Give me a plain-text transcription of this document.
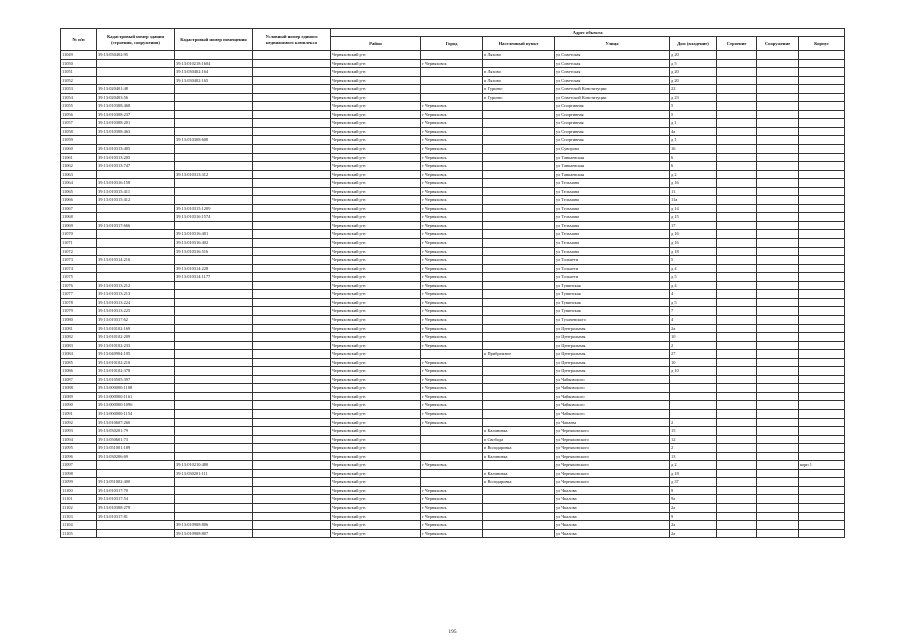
№ п/п	Кадастровый номер здания (строения, сооружения)	Кадастровый номер помещения	Условный номер единого недвижимого комплекса	Адрес объекта							
				Район	Город	Населенный пункт	Улица	Дом (владение)	Строение	Сооружение	Корпус
11049	39:13:030402:95			Черняховский р-н		п Ляхово	ул Советская	д 20			
11050		39:13:010218:1604		Черняховский р-н	г Черняховск		ул Советская	д 5			
11051		39:13:030402:164		Черняховский р-н		п Ляхово	ул Советская	д 20			
11052		39:13:030402:165		Черняховский р-н		п Ляхово	ул Советская	д 20			
11053	39:13:020401:48			Черняховский р-н		п Гурьево	ул Советской Конституции	22			
11054	39:13:020403:56			Черняховский р-н		п Гурьево	ул Советской Конституции	д 23			
11055	39:13:010308:468			Черняховский р-н	г Черняховск		ул Спортивная	5			
11056	39:13:010308:237			Черняховский р-н	г Черняховск		ул Спортивная	5			
11057	39:13:010308:201			Черняховский р-н	г Черняховск		ул Спортивная	д 1			
11058	39:13:010308:463			Черняховский р-н	г Черняховск		ул Спортивная	4а			
11059		39:13:010308:600		Черняховский р-н	г Черняховск		ул Спортивная	д 1			
11060	39:13:010313:405			Черняховский р-н	г Черняховск		ул Суворова	16			
11061	39:13:010313:205			Черняховский р-н	г Черняховск		ул Танкаевская	6			
11062	39:13:010313:747			Черняховский р-н	г Черняховск		ул Танкаевская	6			
11063		39:13:010313:312		Черняховский р-н	г Черняховск		ул Танкаевская	д 2			
11064	39:13:010316:158			Черняховский р-н	г Черняховск		ул Тельмана	д 16			
11065	39:13:010315:411			Черняховский р-н	г Черняховск		ул Тельмана	11			
11066	39:13:010315:412			Черняховский р-н	г Черняховск		ул Тельмана	11а			
11067		39:13:010315:1209		Черняховский р-н	г Черняховск		ул Тельмана	д 14			
11068		39:13:010316:1574		Черняховский р-н	г Черняховск		ул Тельмана	д 15			
11069	39:13:010317:666			Черняховский р-н	г Черняховск		ул Тельмана	17			
11070		39:13:010316:401		Черняховский р-н	г Черняховск		ул Тельмана	д 16			
11071		39:13:010316:402		Черняховский р-н	г Черняховск		ул Тельмана	д 16			
11072		39:13:010316:516		Черняховский р-н	г Черняховск		ул Тельмана	д 18			
11073	39:13:010314:216			Черняховский р-н	г Черняховск		ул Тольятти	5			
11074		39:13:010314:228		Черняховский р-н	г Черняховск		ул Тольятти	д 4			
11075		39:13:010314:1177		Черняховский р-н	г Черняховск		ул Тольятти	д 5			
11076	39:13:010313:212			Черняховский р-н	г Черняховск		ул Тувинская	д 4			
11077	39:13:010313:213			Черняховский р-н	г Черняховск		ул Тувинская	4			
11078	39:13:010313:224			Черняховский р-н	г Черняховск		ул Тувинская	д 5			
11079	39:13:010313:225			Черняховский р-н	г Черняховск		ул Тувинская	7			
11080	39:13:010317:62			Черняховский р-н	г Черняховск		ул Тухачевского	4			
11081	39:13:010102:169			Черняховский р-н	г Черняховск		ул Центральная	2а			
11082	39:13:010102:209			Черняховский р-н	г Черняховск		ул Центральная	10			
11083	39:13:010102:233			Черняховский р-н	г Черняховск		ул Центральная	2			
11084	39:13:040904:105			Черняховский р-н		п Прибрежное	ул Центральная	27			
11085	39:13:010102:210			Черняховский р-н	г Черняховск		ул Центральная	10			
11086	39:13:010102:378			Черняховский р-н	г Черняховск		ул Центральная	д 10			
11087	39:13:010505:397			Черняховский р-н	г Черняховск		ул Чайковского				
11088	39:13:000000:1108			Черняховский р-н	г Черняховск		ул Чайковского				
11089	39:13:000000:1161			Черняховский р-н	г Черняховск		ул Чайковского				
11090	39:13:000000:1096			Черняховский р-н	г Черняховск		ул Чайковского				
11091	39:13:000000:1154			Черняховский р-н	г Черняховск		ул Чайковского				
11092	39:13:010607:260			Черняховский р-н	г Черняховск		ул Чапаева	2			
11093	39:13:030201:79			Черняховский р-н		п Калиновка	ул Черняховского	15			
11094	39:13:050601:73			Черняховский р-н		п Свобода	ул Черняховского	12			
11095	39:13:051001:189			Черняховский р-н		п Володаровка	ул Черняховского	2			
11096	39:13:030206:69			Черняховский р-н		п Калиновка	ул Черняховского	13			
11097		39:13:010210:480		Черняховский р-н	г Черняховск		ул Черняховского	д 2			корп 1
11098		39:13:030201:111		Черняховский р-н		п Калиновка	ул Черняховского	д 18			
11099	39:13:051002:400			Черняховский р-н		п Володаровка	ул Черняховского	д 37			
11100	39:13:010317:70			Черняховский р-н	г Черняховск		ул Чкалова	9			
11101	39:13:010317:54			Черняховский р-н	г Черняховск		ул Чкалова	9а			
11102	39:13:010308:279			Черняховский р-н	г Черняховск		ул Чкалова	2а			
11103	39:13:010317:81			Черняховский р-н	г Черняховск		ул Чкалова	9			
11104		39:13:010908:806		Черняховский р-н	г Черняховск		ул Чкалова	2а			
11105		39:13:010908:807		Черняховский р-н	г Черняховск		ул Чкалова	2а			
195
